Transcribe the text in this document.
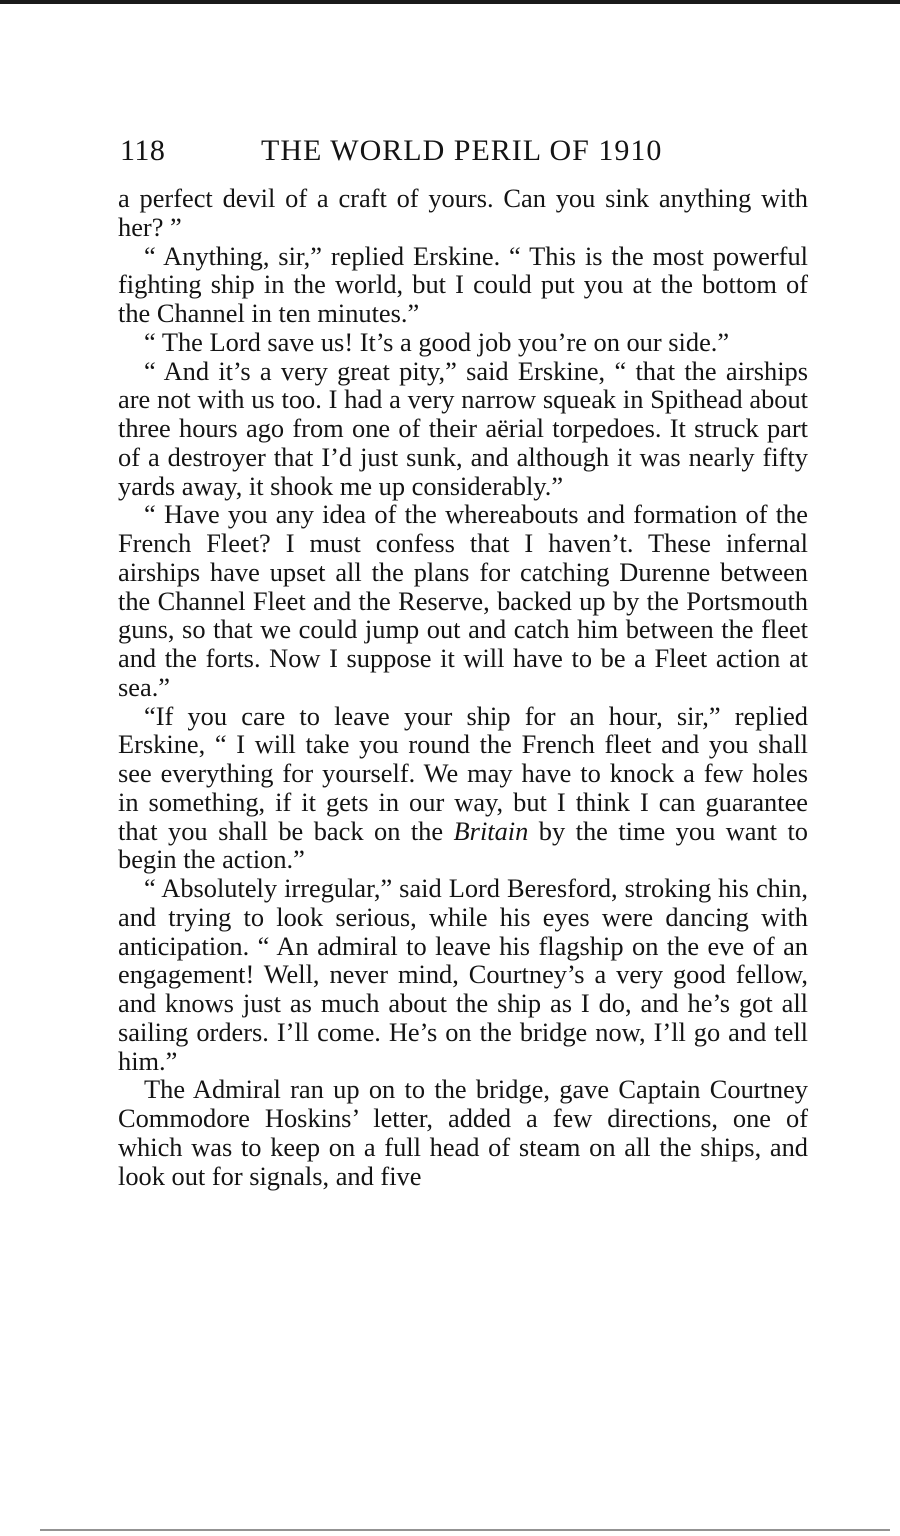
118	THE WORLD PERIL OF 1910

a perfect devil of a craft of yours. Can you sink anything with her? ”

“ Anything, sir,” replied Erskine. “ This is the most powerful fighting ship in the world, but I could put you at the bottom of the Channel in ten minutes.”

“ The Lord save us! It’s a good job you’re on our side.”

“ And it’s a very great pity,” said Erskine, “ that the airships are not with us too. I had a very narrow squeak in Spithead about three hours ago from one of their aërial torpedoes. It struck part of a destroyer that I’d just sunk, and although it was nearly fifty yards away, it shook me up considerably.”

“ Have you any idea of the whereabouts and formation of the French Fleet? I must confess that I haven’t. These infernal airships have upset all the plans for catching Durenne between the Channel Fleet and the Reserve, backed up by the Portsmouth guns, so that we could jump out and catch him between the fleet and the forts. Now I suppose it will have to be a Fleet action at sea.”

“If you care to leave your ship for an hour, sir,” replied Erskine, “ I will take you round the French fleet and you shall see everything for yourself. We may have to knock a few holes in something, if it gets in our way, but I think I can guarantee that you shall be back on the Britain by the time you want to begin the action.”

“ Absolutely irregular,” said Lord Beresford, stroking his chin, and trying to look serious, while his eyes were dancing with anticipation. “ An admiral to leave his flagship on the eve of an engagement! Well, never mind, Courtney’s a very good fellow, and knows just as much about the ship as I do, and he’s got all sailing orders. I’ll come. He’s on the bridge now, I’ll go and tell him.”

The Admiral ran up on to the bridge, gave Captain Courtney Commodore Hoskins’ letter, added a few directions, one of which was to keep on a full head of steam on all the ships, and look out for signals, and five
